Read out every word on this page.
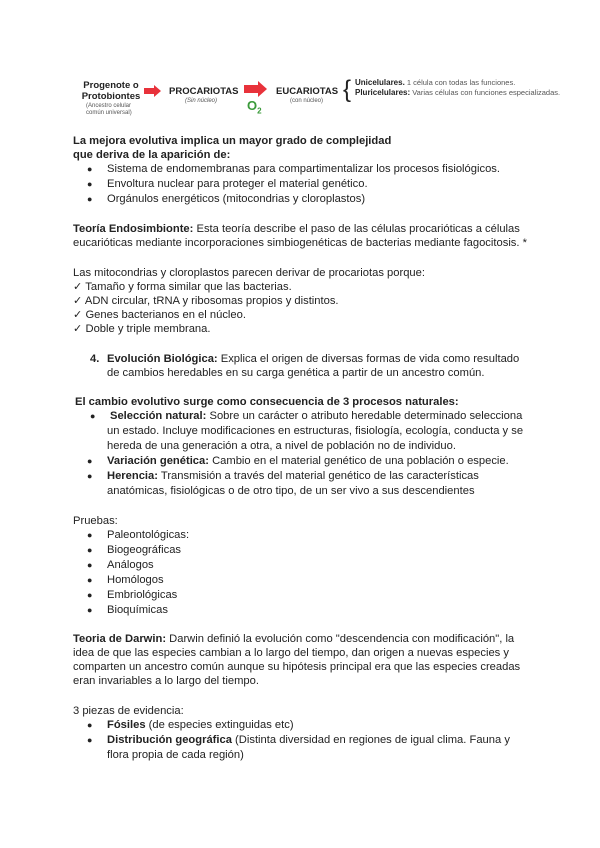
Progenote o
Protobiontes
(Ancestro celular
común universal)
PROCARIOTAS
(Sin núcleo) $O_2$
EUCARIOTAS
(con núcleo) { Unicelulares. 1 célula con todas las funciones.
Pluricelulares: Varias células con funciones especializadas.
La mejora evolutiva implica un mayor grado de complejidad
que deriva de la aparición de:
● Sistema de endomembranas para compartimentalizar los procesos fisiológicos.
● Envoltura nuclear para proteger el material genético.
● Orgánulos energéticos (mitocondrias y cloroplastos)
Teoría Endosimbionte: Esta teoría describe el paso de las células procarióticas a células
eucarióticas mediante incorporaciones simbiogenéticas de bacterias mediante fagocitosis. *
Las mitocondrias y cloroplastos parecen derivar de procariotas porque:
✓ Tamaño y forma similar que las bacterias.
✓ ADN circular, tRNA y ribosomas propios y distintos.
✓ Genes bacterianos en el núcleo.
✓ Doble y triple membrana.
4. Evolución Biológica: Explica el origen de diversas formas de vida como resultado
de cambios heredables en su carga genética a partir de un ancestro común.
El cambio evolutivo surge como consecuencia de 3 procesos naturales:
● Selección natural: Sobre un carácter o atributo heredable determinado selecciona
un estado. Incluye modificaciones en estructuras, fisiología, ecología, conducta y se
hereda de una generación a otra, a nivel de población no de individuo.
● Variación genética: Cambio en el material genético de una población o especie.
● Herencia: Transmisión a través del material genético de las características
anatómicas, fisiológicas o de otro tipo, de un ser vivo a sus descendientes
Pruebas:
● Paleontológicas:
● Biogeográficas
● Análogos
● Homólogos
● Embriológicas
● Bioquímicas
Teoria de Darwin: Darwin definió la evolución como "descendencia con modificación", la
idea de que las especies cambian a lo largo del tiempo, dan origen a nuevas especies y
comparten un ancestro común aunque su hipótesis principal era que las especies creadas
eran invariables a lo largo del tiempo.
3 piezas de evidencia:
● Fósiles (de especies extinguidas etc)
● Distribución geográfica (Distinta diversidad en regiones de igual clima. Fauna y
flora propia de cada región)
